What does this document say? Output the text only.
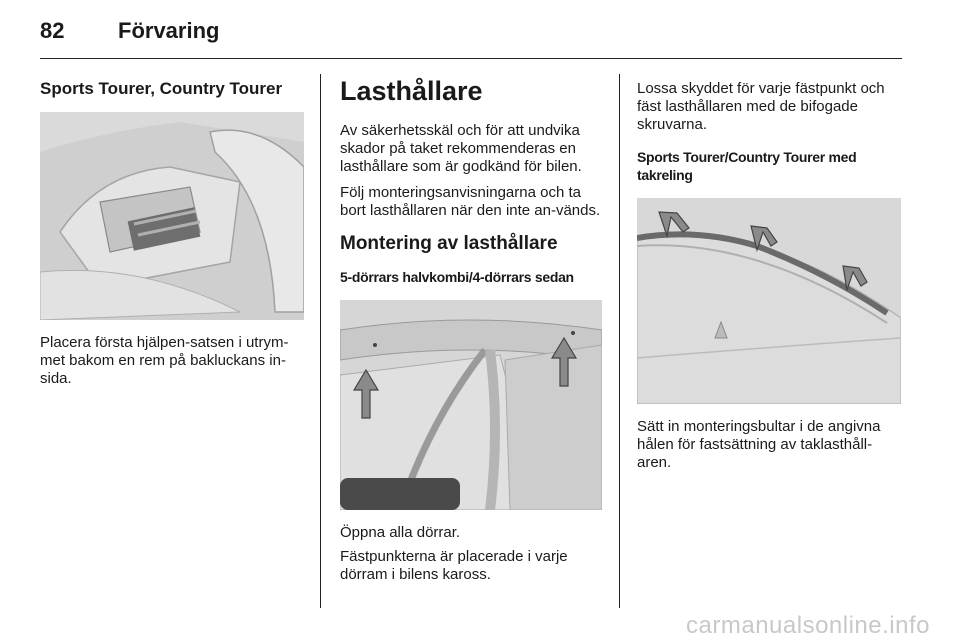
82 Förvaring
Sports Tourer, Country Tourer

Placera första hjälpen-satsen i utrym-met bakom en rem på bakluckans in-sida.

Lasthållare

Av säkerhetsskäl och för att undvika skador på taket rekommenderas en lasthållare som är godkänd för bilen.

Följ monteringsanvisningarna och ta bort lasthållaren när den inte an-vänds.

Montering av lasthållare
5-dörrars halvkombi/4-dörrars sedan

Öppna alla dörrar.

Fästpunkterna är placerade i varje dörram i bilens kaross.

Lossa skyddet för varje fästpunkt och fäst lasthållaren med de bifogade skruvarna.

Sports Tourer/Country Tourer med takreling

Sätt in monteringsbultar i de angivna hålen för fastsättning av taklasthåll-aren.

carmanualsonline.info
